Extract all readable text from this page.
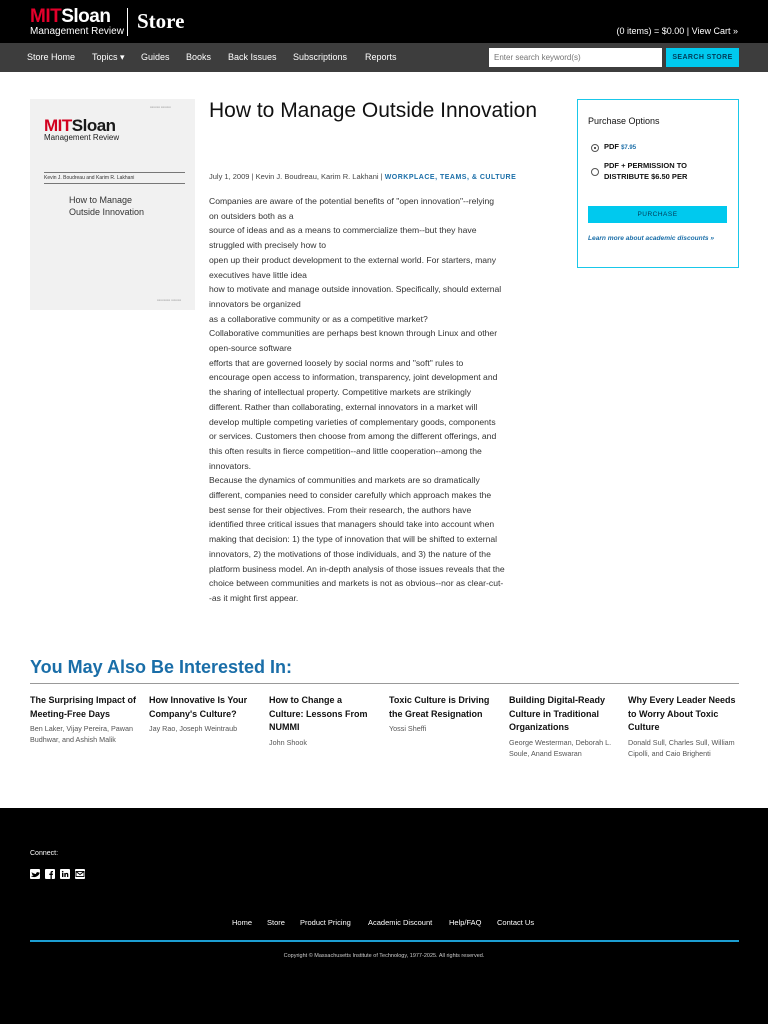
MITSloan
Management Review Store	(0 items) = $0.00 | View Cart »
Store Home Topics ▾ Guides Books Back Issues Subscriptions Reports
Enter search keyword(s)	SEARCH STORE
▭▭▭ ▭▭▭
MITSloan
Management Review
Kevin J. Boudreau and Karim R. Lakhani
How to Manage
Outside Innovation
▭▭▭▭ ▭▭▭
How to Manage Outside Innovation
July 1, 2009 | Kevin J. Boudreau, Karim R. Lakhani | WORKPLACE, TEAMS, & CULTURE
Companies are aware of the potential benefits of "open innovation"--relying
on outsiders both as a
source of ideas and as a means to commercialize them--but they have
struggled with precisely how to
open up their product development to the external world. For starters, many
executives have little idea
how to motivate and manage outside innovation. Specifically, should external
innovators be organized
as a collaborative community or as a competitive market?
Collaborative communities are perhaps best known through Linux and other
open-source software
efforts that are governed loosely by social norms and "soft" rules to
encourage open access to information, transparency, joint development and
the sharing of intellectual property. Competitive markets are strikingly
different. Rather than collaborating, external innovators in a market will
develop multiple competing varieties of complementary goods, components
or services. Customers then choose from among the different offerings, and
this often results in fierce competition--and little cooperation--among the
innovators.
Because the dynamics of communities and markets are so dramatically
different, companies need to consider carefully which approach makes the
best sense for their objectives. From their research, the authors have
identified three critical issues that managers should take into account when
making that decision: 1) the type of innovation that will be shifted to external
innovators, 2) the motivations of those individuals, and 3) the nature of the
platform business model. An in-depth analysis of those issues reveals that the
choice between communities and markets is not as obvious--nor as clear-cut-
-as it might first appear.
Purchase Options
PDF $7.95
PDF + PERMISSION TO
DISTRIBUTE $6.50 PER
PURCHASE
Learn more about academic discounts »
You May Also Be Interested In:
The Surprising Impact of Meeting-Free Days
Ben Laker, Vijay Pereira, Pawan Budhwar, and Ashish Malik
How Innovative Is Your Company's Culture?
Jay Rao, Joseph Weintraub
How to Change a Culture: Lessons From NUMMI
John Shook
Toxic Culture is Driving the Great Resignation
Yossi Sheffi
Building Digital-Ready Culture in Traditional Organizations
George Westerman, Deborah L. Soule, Anand Eswaran
Why Every Leader Needs to Worry About Toxic Culture
Donald Sull, Charles Sull, William Cipolli, and Caio Brighenti
Connect:
Home Store Product Pricing Academic Discount Help/FAQ Contact Us
Copyright © Massachusetts Institute of Technology, 1977-2025. All rights reserved.
